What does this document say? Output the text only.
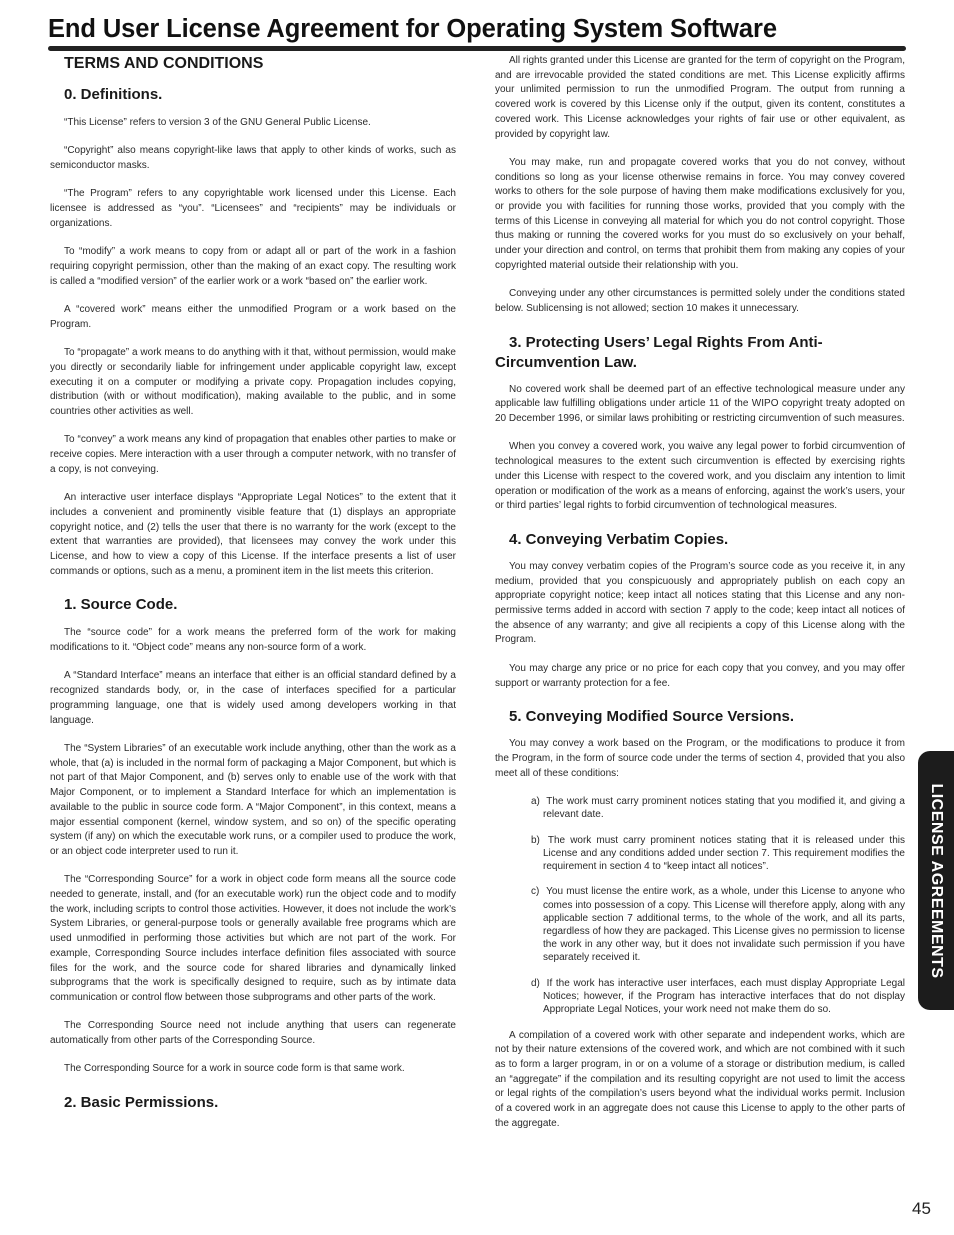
End User License Agreement for Operating System Software
TERMS AND CONDITIONS
0. Definitions.

“This License” refers to version 3 of the GNU General Public License.

“Copyright” also means copyright-like laws that apply to other kinds of works, such as semiconductor masks.

“The Program” refers to any copyrightable work licensed under this License. Each licensee is addressed as “you”. “Licensees” and “recipients” may be individuals or organizations.

To “modify” a work means to copy from or adapt all or part of the work in a fashion requiring copyright permission, other than the making of an exact copy. The resulting work is called a “modified version” of the earlier work or a work “based on” the earlier work.

A “covered work” means either the unmodified Program or a work based on the Program.

To “propagate” a work means to do anything with it that, without permission, would make you directly or secondarily liable for infringement under applicable copyright law, except executing it on a computer or modifying a private copy. Propagation includes copying, distribution (with or without modification), making available to the public, and in some countries other activities as well.

To “convey” a work means any kind of propagation that enables other parties to make or receive copies. Mere interaction with a user through a computer network, with no transfer of a copy, is not conveying.

An interactive user interface displays “Appropriate Legal Notices” to the extent that it includes a convenient and prominently visible feature that (1) displays an appropriate copyright notice, and (2) tells the user that there is no warranty for the work (except to the extent that warranties are provided), that licensees may convey the work under this License, and how to view a copy of this License. If the interface presents a list of user commands or options, such as a menu, a prominent item in the list meets this criterion.

1. Source Code.

The “source code” for a work means the preferred form of the work for making modifications to it. “Object code” means any non-source form of a work.

A “Standard Interface” means an interface that either is an official standard defined by a recognized standards body, or, in the case of interfaces specified for a particular programming language, one that is widely used among developers working in that language.

The “System Libraries” of an executable work include anything, other than the work as a whole, that (a) is included in the normal form of packaging a Major Component, but which is not part of that Major Component, and (b) serves only to enable use of the work with that Major Component, or to implement a Standard Interface for which an implementation is available to the public in source code form. A “Major Component”, in this context, means a major essential component (kernel, window system, and so on) of the specific operating system (if any) on which the executable work runs, or a compiler used to produce the work, or an object code interpreter used to run it.

The “Corresponding Source” for a work in object code form means all the source code needed to generate, install, and (for an executable work) run the object code and to modify the work, including scripts to control those activities. However, it does not include the work’s System Libraries, or general-purpose tools or generally available free programs which are used unmodified in performing those activities but which are not part of the work. For example, Corresponding Source includes interface definition files associated with source files for the work, and the source code for shared libraries and dynamically linked subprograms that the work is specifically designed to require, such as by intimate data communication or control flow between those subprograms and other parts of the work.

The Corresponding Source need not include anything that users can regenerate automatically from other parts of the Corresponding Source.

The Corresponding Source for a work in source code form is that same work.

2. Basic Permissions.

All rights granted under this License are granted for the term of copyright on the Program, and are irrevocable provided the stated conditions are met. This License explicitly affirms your unlimited permission to run the unmodified Program. The output from running a covered work is covered by this License only if the output, given its content, constitutes a covered work. This License acknowledges your rights of fair use or other equivalent, as provided by copyright law.

You may make, run and propagate covered works that you do not convey, without conditions so long as your license otherwise remains in force. You may convey covered works to others for the sole purpose of having them make modifications exclusively for you, or provide you with facilities for running those works, provided that you comply with the terms of this License in conveying all material for which you do not control copyright. Those thus making or running the covered works for you must do so exclusively on your behalf, under your direction and control, on terms that prohibit them from making any copies of your copyrighted material outside their relationship with you.

Conveying under any other circumstances is permitted solely under the conditions stated below. Sublicensing is not allowed; section 10 makes it unnecessary.

3. Protecting Users’ Legal Rights From Anti-Circumvention Law.

No covered work shall be deemed part of an effective technological measure under any applicable law fulfilling obligations under article 11 of the WIPO copyright treaty adopted on 20 December 1996, or similar laws prohibiting or restricting circumvention of such measures.

When you convey a covered work, you waive any legal power to forbid circumvention of technological measures to the extent such circumvention is effected by exercising rights under this License with respect to the covered work, and you disclaim any intention to limit operation or modification of the work as a means of enforcing, against the work’s users, your or third parties’ legal rights to forbid circumvention of technological measures.

4. Conveying Verbatim Copies.

You may convey verbatim copies of the Program’s source code as you receive it, in any medium, provided that you conspicuously and appropriately publish on each copy an appropriate copyright notice; keep intact all notices stating that this License and any non-permissive terms added in accord with section 7 apply to the code; keep intact all notices of the absence of any warranty; and give all recipients a copy of this License along with the Program.

You may charge any price or no price for each copy that you convey, and you may offer support or warranty protection for a fee.

5. Conveying Modified Source Versions.

You may convey a work based on the Program, or the modifications to produce it from the Program, in the form of source code under the terms of section 4, provided that you also meet all of these conditions:

a) The work must carry prominent notices stating that you modified it, and giving a relevant date.
b) The work must carry prominent notices stating that it is released under this License and any conditions added under section 7. This requirement modifies the requirement in section 4 to “keep intact all notices”.
c) You must license the entire work, as a whole, under this License to anyone who comes into possession of a copy. This License will therefore apply, along with any applicable section 7 additional terms, to the whole of the work, and all its parts, regardless of how they are packaged. This License gives no permission to license the work in any other way, but it does not invalidate such permission if you have separately received it.
d) If the work has interactive user interfaces, each must display Appropriate Legal Notices; however, if the Program has interactive interfaces that do not display Appropriate Legal Notices, your work need not make them do so.

A compilation of a covered work with other separate and independent works, which are not by their nature extensions of the covered work, and which are not combined with it such as to form a larger program, in or on a volume of a storage or distribution medium, is called an “aggregate” if the compilation and its resulting copyright are not used to limit the access or legal rights of the compilation’s users beyond what the individual works permit. Inclusion of a covered work in an aggregate does not cause this License to apply to the other parts of the aggregate.

LICENSE AGREEMENTS
45
